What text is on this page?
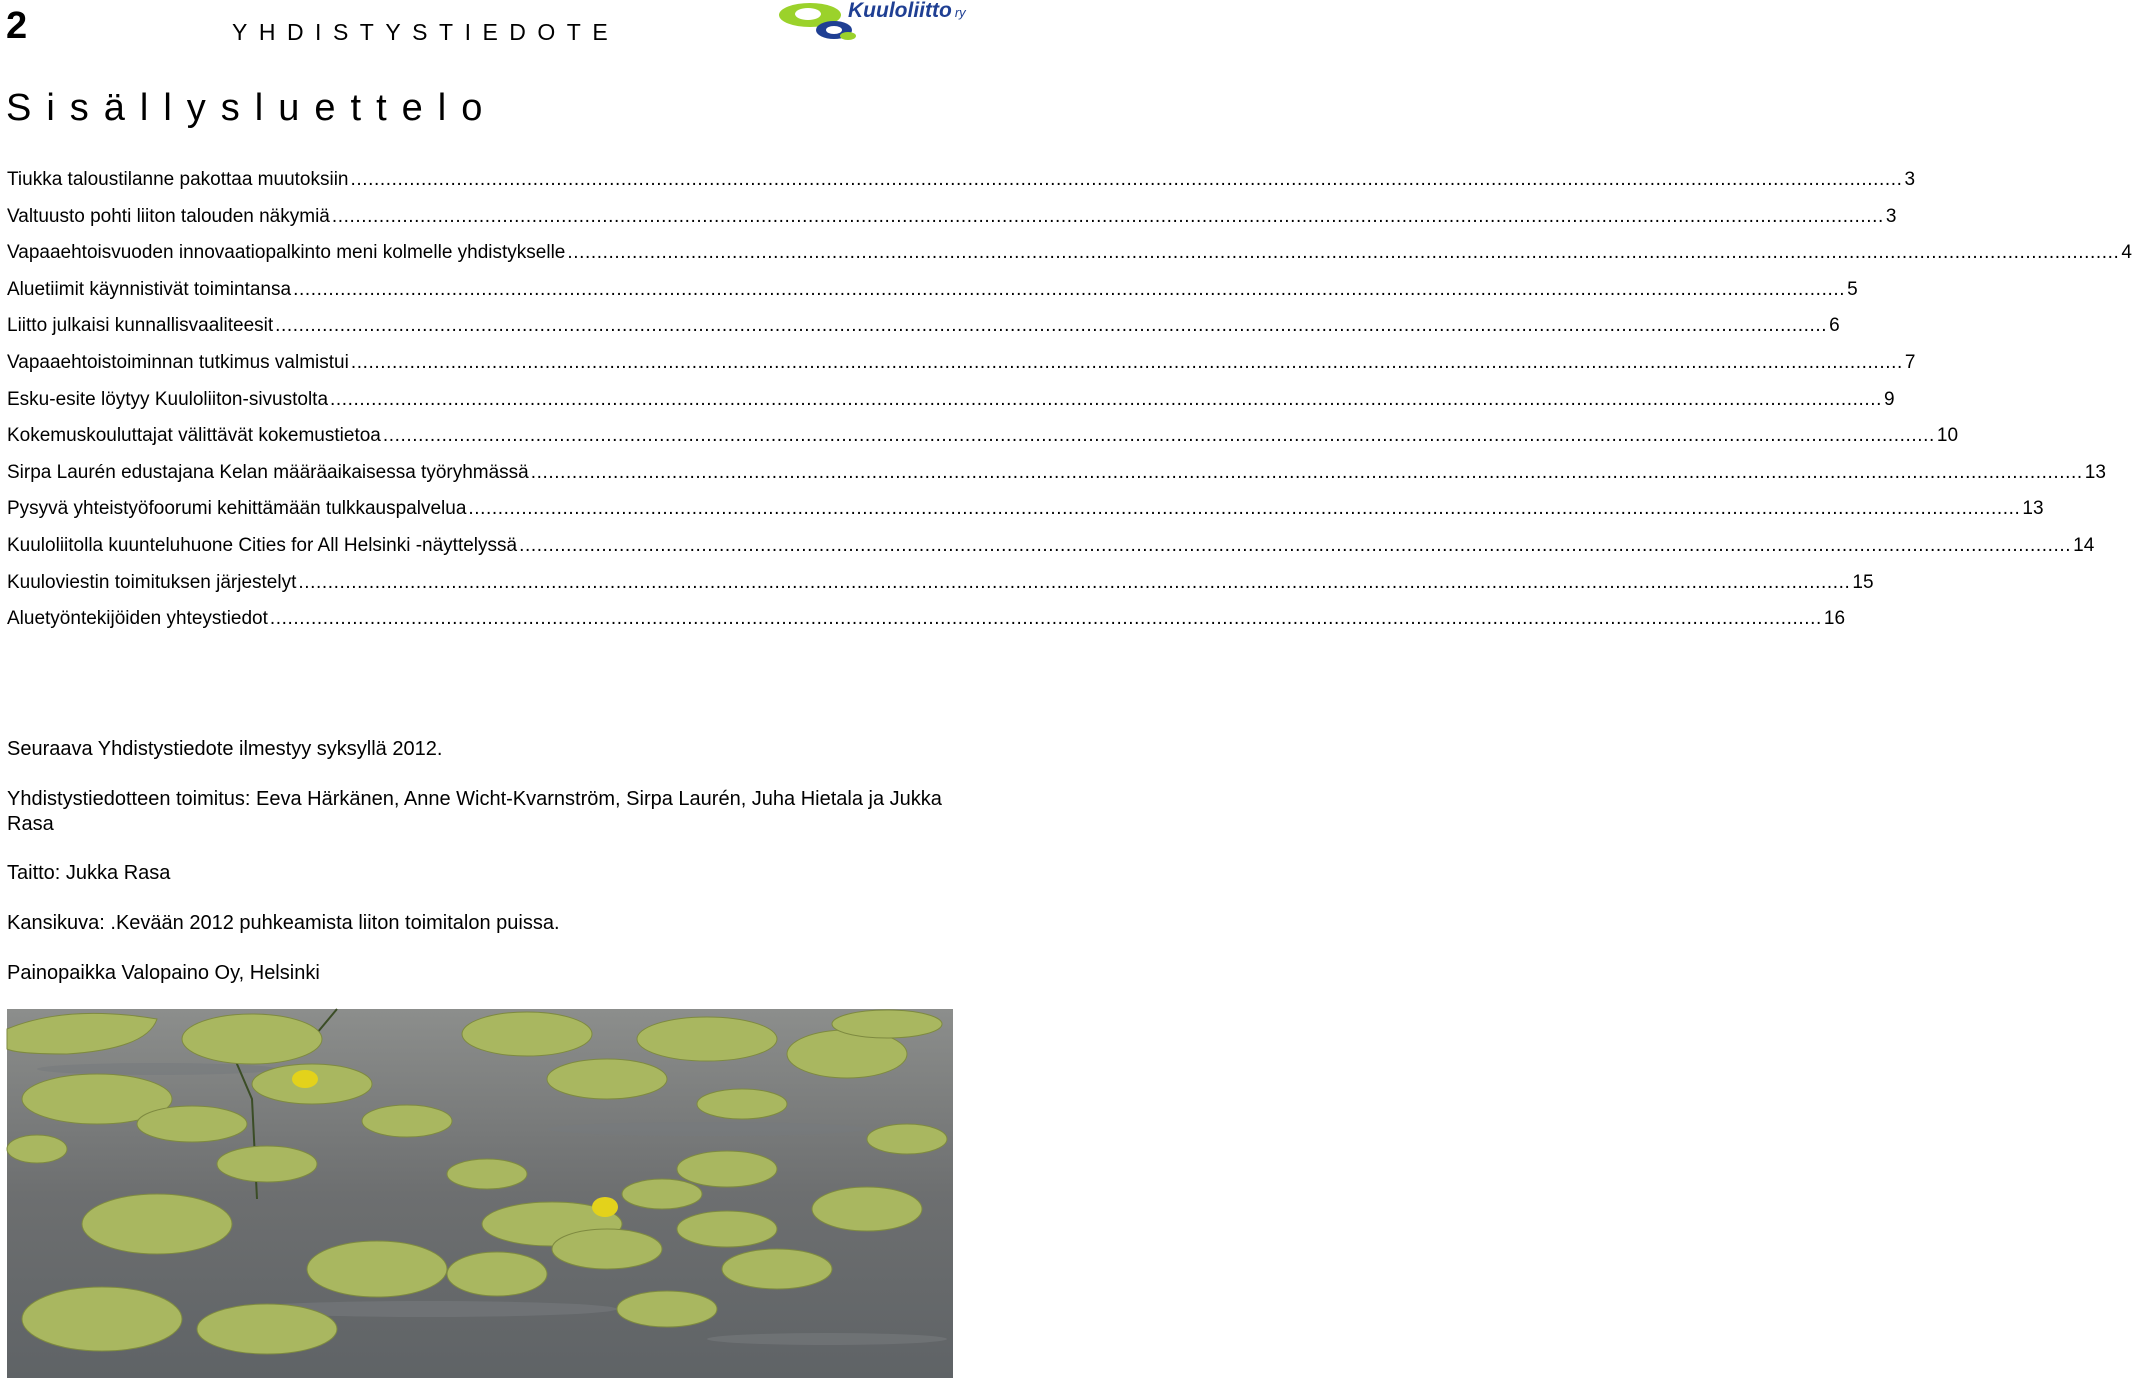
2	YHDISTYSTIEDOTE
Kuuloliitto ry
Sisällysluettelo
Tiukka taloustilanne pakottaa muutoksiin .....	3
Valtuusto pohti liiton talouden näkymiä .....	3
Vapaaehtoisvuoden innovaatiopalkinto meni kolmelle yhdistykselle .....	4
Aluetiimit käynnistivät toimintansa .....	5
Liitto julkaisi kunnallisvaaliteesit .....	6
Vapaaehtoistoiminnan tutkimus valmistui .....	7
Esku-esite löytyy Kuuloliiton-sivustolta .....	9
Kokemuskouluttajat välittävät kokemustietoa .....	10
Sirpa Laurén edustajana Kelan määräaikaisessa työryhmässä .....	13
Pysyvä yhteistyöfoorumi kehittämään tulkkauspalvelua .....	13
Kuuloliitolla kuunteluhuone Cities for All Helsinki -näyttelyssä .....	14
Kuuloviestin toimituksen järjestelyt .....	15
Aluetyöntekijöiden yhteystiedot .....	16
Seuraava Yhdistystiedote ilmestyy syksyllä 2012.
Yhdistystiedotteen toimitus: Eeva Härkänen, Anne Wicht-Kvarnström, Sirpa Laurén, Juha Hietala ja Jukka Rasa
Taitto: Jukka Rasa
Kansikuva: .Kevään 2012 puhkeamista liiton toimitalon puissa.
Painopaikka Valopaino Oy, Helsinki
